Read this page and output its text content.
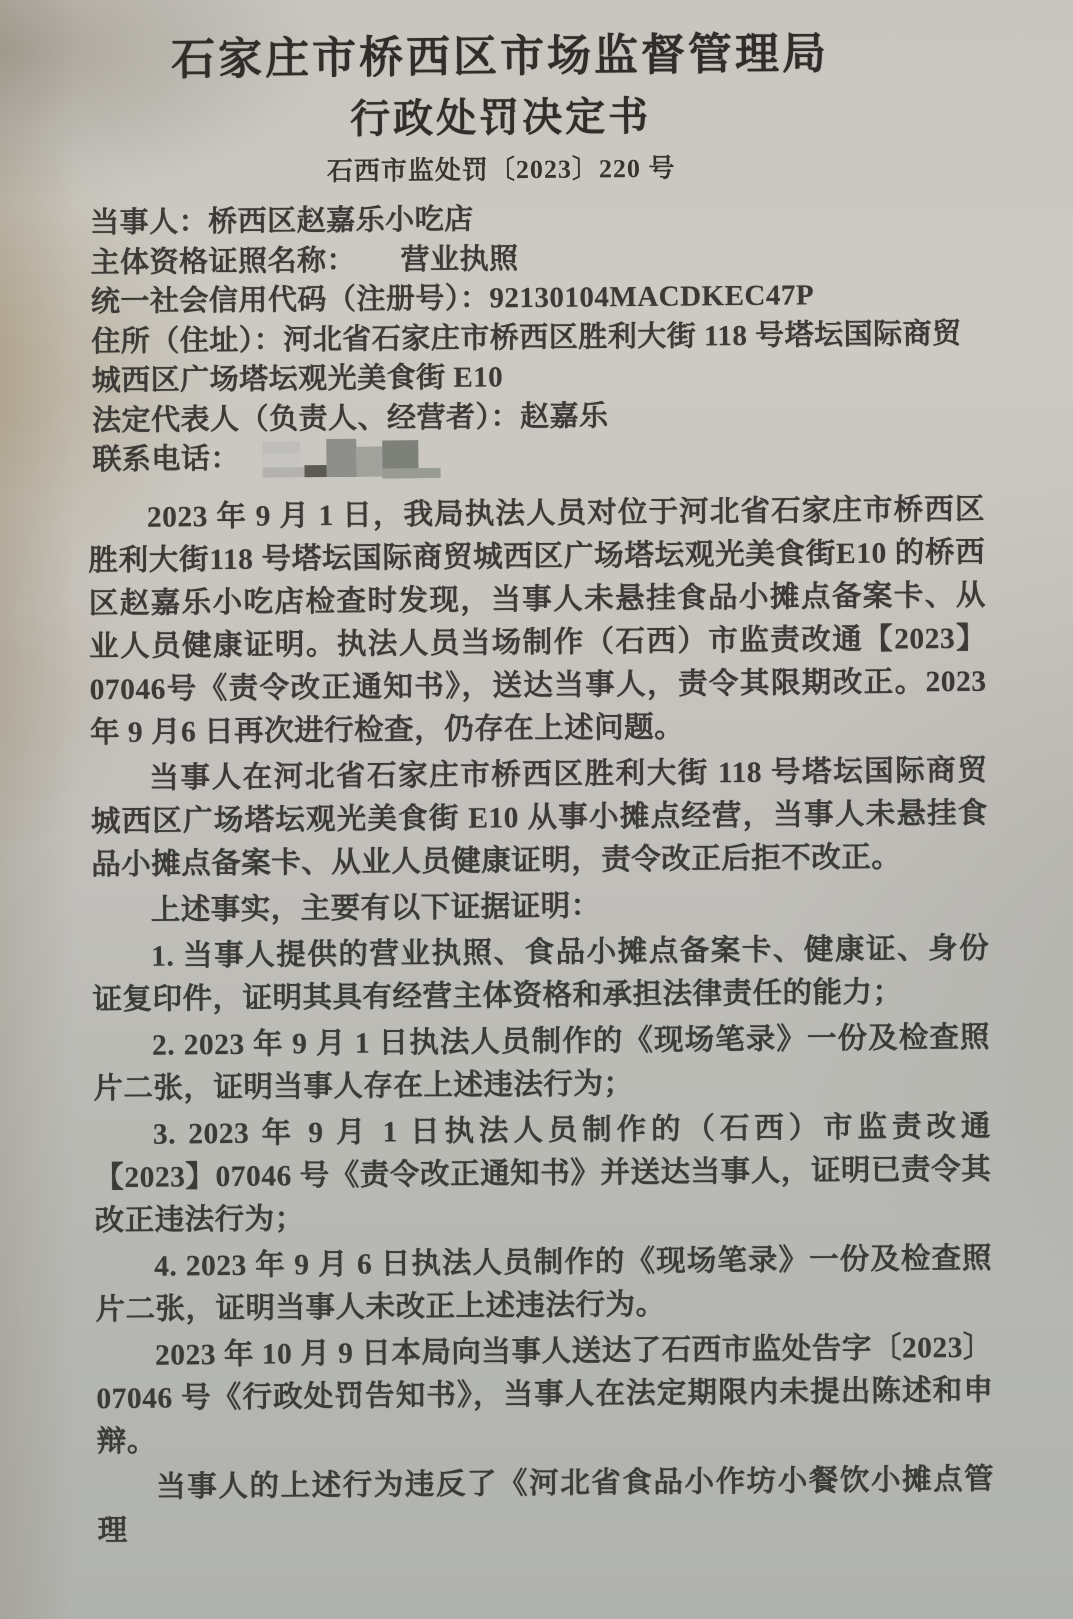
石家庄市桥西区市场监督管理局
行政处罚决定书
石西市监处罚〔2023〕220 号
当事人：桥西区赵嘉乐小吃店
主体资格证照名称：　　营业执照
统一社会信用代码（注册号）：92130104MACDKEC47P
住所（住址）：河北省石家庄市桥西区胜利大街 118 号塔坛国际商贸城西区广场塔坛观光美食街 E10
法定代表人（负责人、经营者）：赵嘉乐
联系电话：

2023 年 9 月 1 日，我局执法人员对位于河北省石家庄市桥西区胜利大街118 号塔坛国际商贸城西区广场塔坛观光美食街E10 的桥西区赵嘉乐小吃店检查时发现，当事人未悬挂食品小摊点备案卡、从业人员健康证明。执法人员当场制作（石西）市监责改通【2023】07046号《责令改正通知书》，送达当事人，责令其限期改正。2023 年 9 月6 日再次进行检查，仍存在上述问题。

当事人在河北省石家庄市桥西区胜利大街 118 号塔坛国际商贸城西区广场塔坛观光美食街 E10 从事小摊点经营，当事人未悬挂食品小摊点备案卡、从业人员健康证明，责令改正后拒不改正。

上述事实，主要有以下证据证明：

1. 当事人提供的营业执照、食品小摊点备案卡、健康证、身份证复印件，证明其具有经营主体资格和承担法律责任的能力；

2. 2023 年 9 月 1 日执法人员制作的《现场笔录》一份及检查照片二张，证明当事人存在上述违法行为；

3. 2023 年 9 月 1 日执法人员制作的（石西）市监责改通【2023】07046 号《责令改正通知书》并送达当事人，证明已责令其改正违法行为；

4. 2023 年 9 月 6 日执法人员制作的《现场笔录》一份及检查照片二张，证明当事人未改正上述违法行为。

2023 年 10 月 9 日本局向当事人送达了石西市监处告字〔2023〕07046 号《行政处罚告知书》，当事人在法定期限内未提出陈述和申辩。

当事人的上述行为违反了《河北省食品小作坊小餐饮小摊点管理
